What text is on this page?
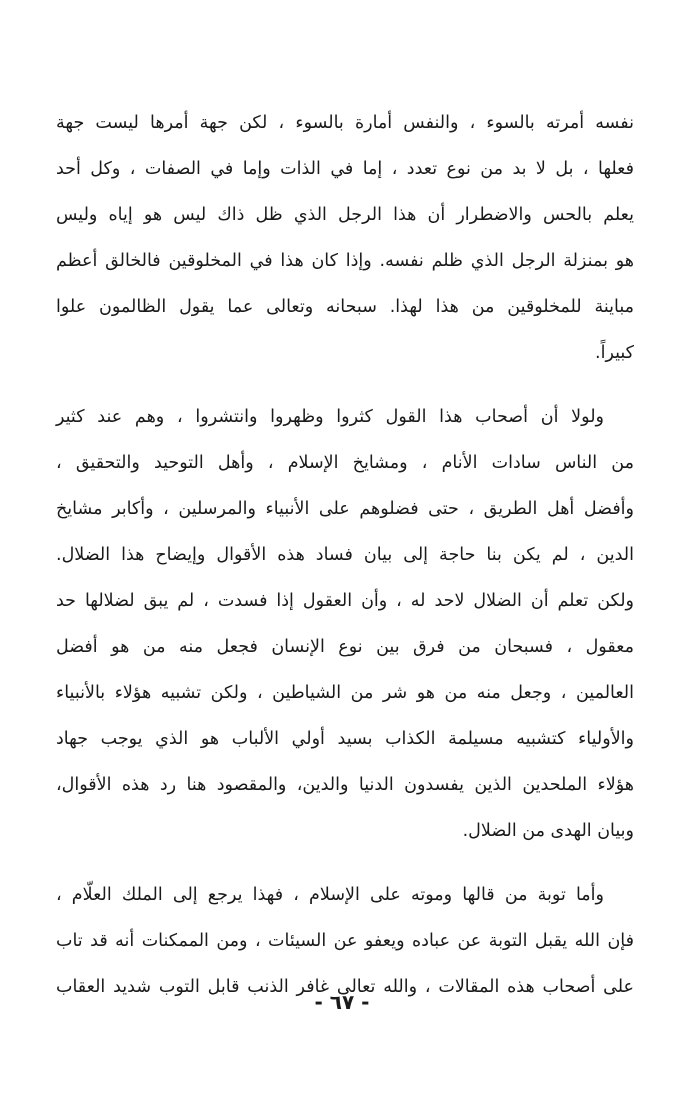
نفسه أمرته بالسوء ، والنفس أمارة بالسوء ، لكن جهة أمرها ليست جهة
فعلها ، بل لا بد من نوع تعدد ، إما في الذات وإما في الصفات ، وكل أحد
يعلم بالحس والاضطرار أن هذا الرجل الذي ظل ذاك ليس هو إياه وليس
هو بمنزلة الرجل الذي ظلم نفسه. وإذا كان هذا في المخلوقين فالخالق أعظم
مباينة للمخلوقين من هذا لهذا. سبحانه وتعالى عما يقول الظالمون علوا
كبيراً.
ولولا أن أصحاب هذا القول كثروا وظهروا وانتشروا ، وهم عند كثير
من الناس سادات الأنام ، ومشايخ الإسلام ، وأهل التوحيد والتحقيق ،
وأفضل أهل الطريق ، حتى فضلوهم على الأنبياء والمرسلين ، وأكابر مشايخ
الدين ، لم يكن بنا حاجة إلى بيان فساد هذه الأقوال وإيضاح هذا الضلال.
ولكن تعلم أن الضلال لاحد له ، وأن العقول إذا فسدت ، لم يبق لضلالها حد
معقول ، فسبحان من فرق بين نوع الإنسان فجعل منه من هو أفضل
العالمين ، وجعل منه من هو شر من الشياطين ، ولكن تشبيه هؤلاء بالأنبياء
والأولياء كتشبيه مسيلمة الكذاب بسيد أولي الألباب هو الذي يوجب جهاد
هؤلاء الملحدين الذين يفسدون الدنيا والدين، والمقصود هنا رد هذه الأقوال،
وبيان الهدى من الضلال.
وأما توبة من قالها وموته على الإسلام ، فهذا يرجع إلى الملك العلّام ،
فإن الله يقبل التوبة عن عباده ويعفو عن السيئات ، ومن الممكنات أنه قد تاب
على أصحاب هذه المقالات ، والله تعالى غافر الذنب قابل التوب شديد العقاب
- ٦٧ -
